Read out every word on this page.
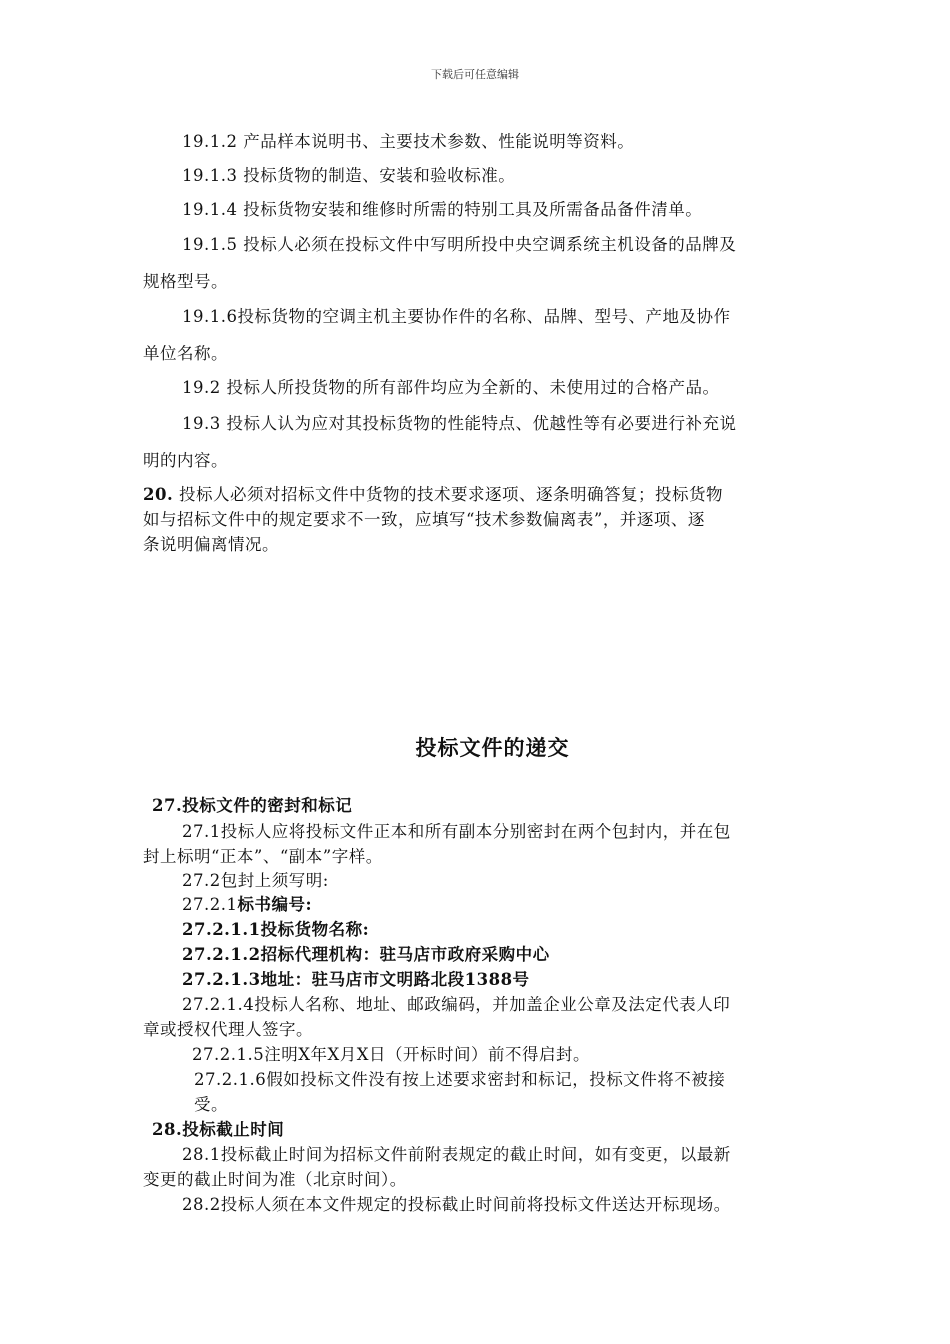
下载后可任意编辑
19.1.2 产品样本说明书、主要技术参数、性能说明等资料。
19.1.3 投标货物的制造、安装和验收标准。
19.1.4 投标货物安装和维修时所需的特别工具及所需备品备件清单。
19.1.5 投标人必须在投标文件中写明所投中央空调系统主机设备的品牌及
规格型号。
19.1.6投标货物的空调主机主要协作件的名称、品牌、型号、产地及协作
单位名称。
19.2 投标人所投货物的所有部件均应为全新的、未使用过的合格产品。
19.3 投标人认为应对其投标货物的性能特点、优越性等有必要进行补充说
明的内容。
20. 投标人必须对招标文件中货物的技术要求逐项、逐条明确答复；投标货物
如与招标文件中的规定要求不一致，应填写“技术参数偏离表”，并逐项、逐
条说明偏离情况。
投标文件的递交
27.投标文件的密封和标记
27.1投标人应将投标文件正本和所有副本分别密封在两个包封内，并在包
封上标明“正本”、“副本”字样。
27.2包封上须写明:
27.2.1标书编号:
27.2.1.1投标货物名称:
27.2.1.2招标代理机构：驻马店市政府采购中心
27.2.1.3地址：驻马店市文明路北段1388号
27.2.1.4投标人名称、地址、邮政编码，并加盖企业公章及法定代表人印
章或授权代理人签字。
27.2.1.5注明X年X月X日（开标时间）前不得启封。
27.2.1.6假如投标文件没有按上述要求密封和标记，投标文件将不被接
受。
28.投标截止时间
28.1投标截止时间为招标文件前附表规定的截止时间，如有变更，以最新
变更的截止时间为准（北京时间）。
28.2投标人须在本文件规定的投标截止时间前将投标文件送达开标现场。
